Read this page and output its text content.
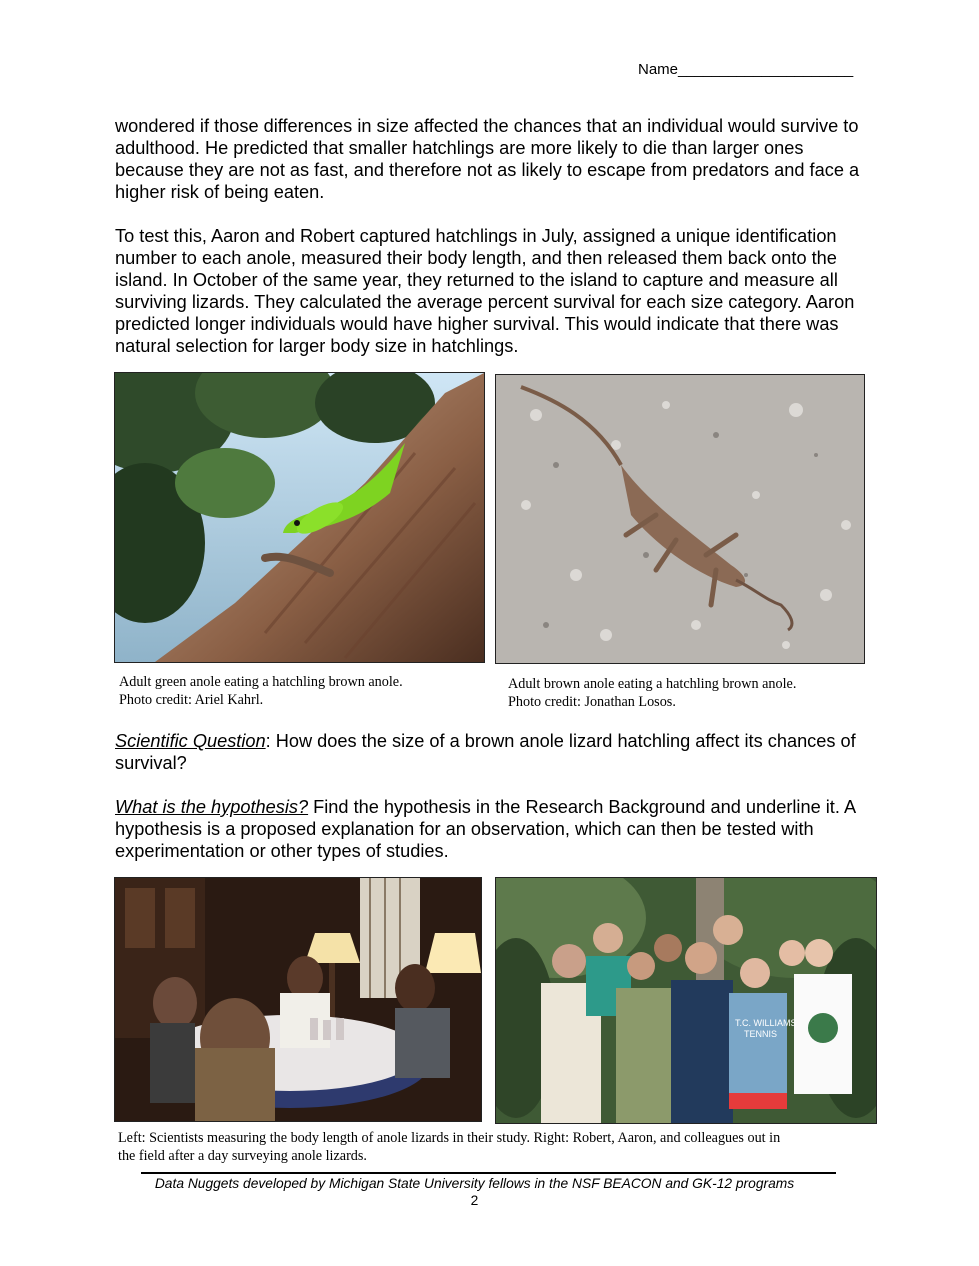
Name_____________________

wondered if those differences in size affected the chances that an individual would survive to adulthood. He predicted that smaller hatchlings are more likely to die than larger ones because they are not as fast, and therefore not as likely to escape from predators and face a higher risk of being eaten.

To test this, Aaron and Robert captured hatchlings in July, assigned a unique identification number to each anole, measured their body length, and then released them back onto the island. In October of the same year, they returned to the island to capture and measure all surviving lizards. They calculated the average percent survival for each size category. Aaron predicted longer individuals would have higher survival. This would indicate that there was natural selection for larger body size in hatchlings.

Adult green anole eating a hatchling brown anole.
Photo credit: Ariel Kahrl.
Adult brown anole eating a hatchling brown anole.
Photo credit: Jonathan Losos.

Scientific Question: How does the size of a brown anole lizard hatchling affect its chances of survival?

What is the hypothesis? Find the hypothesis in the Research Background and underline it. A hypothesis is a proposed explanation for an observation, which can then be tested with experimentation or other types of studies.

T.C. WILLIAMS
TENNIS
Left: Scientists measuring the body length of anole lizards in their study. Right: Robert, Aaron, and colleagues out in
the field after a day surveying anole lizards.
Data Nuggets developed by Michigan State University fellows in the NSF BEACON and GK-12 programs
2
